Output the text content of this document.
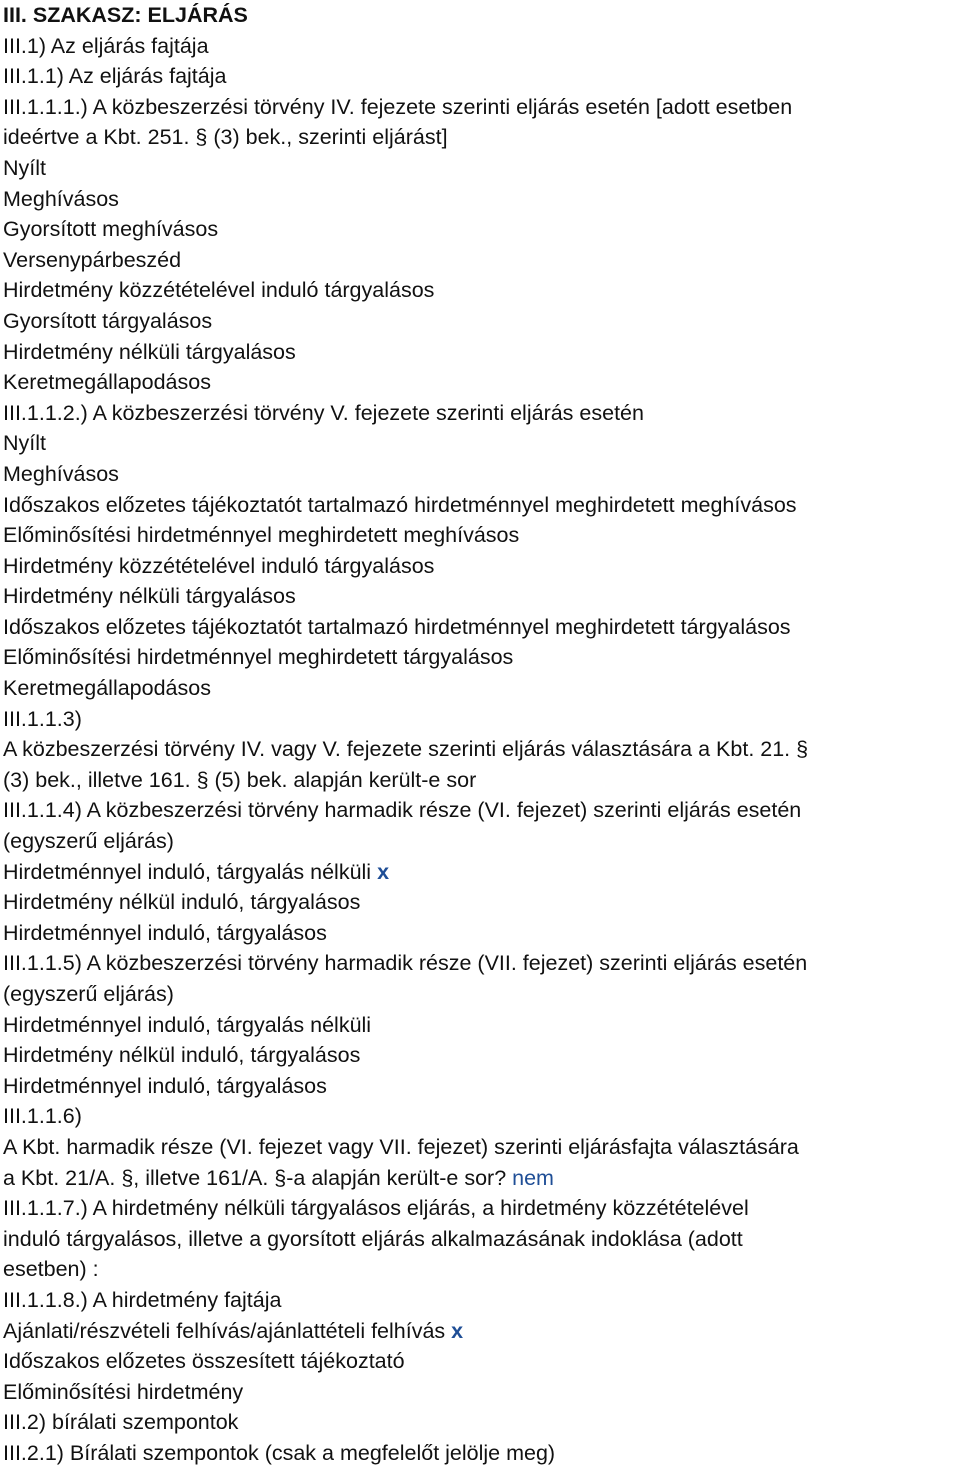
III. SZAKASZ: ELJÁRÁS
III.1) Az eljárás fajtája
III.1.1) Az eljárás fajtája
III.1.1.1.) A közbeszerzési törvény IV. fejezete szerinti eljárás esetén [adott esetben
ideértve a Kbt. 251. § (3) bek., szerinti eljárást]
Nyílt
Meghívásos
Gyorsított meghívásos
Versenypárbeszéd
Hirdetmény közzétételével induló tárgyalásos
Gyorsított tárgyalásos
Hirdetmény nélküli tárgyalásos
Keretmegállapodásos
III.1.1.2.) A közbeszerzési törvény V. fejezete szerinti eljárás esetén
Nyílt
Meghívásos
Időszakos előzetes tájékoztatót tartalmazó hirdetménnyel meghirdetett meghívásos
Előminősítési hirdetménnyel meghirdetett meghívásos
Hirdetmény közzétételével induló tárgyalásos
Hirdetmény nélküli tárgyalásos
Időszakos előzetes tájékoztatót tartalmazó hirdetménnyel meghirdetett tárgyalásos
Előminősítési hirdetménnyel meghirdetett tárgyalásos
Keretmegállapodásos
III.1.1.3)
A közbeszerzési törvény IV. vagy V. fejezete szerinti eljárás választására a Kbt. 21. §
(3) bek., illetve 161. § (5) bek. alapján került-e sor
III.1.1.4) A közbeszerzési törvény harmadik része (VI. fejezet) szerinti eljárás esetén
(egyszerű eljárás)
Hirdetménnyel induló, tárgyalás nélküli x
Hirdetmény nélkül induló, tárgyalásos
Hirdetménnyel induló, tárgyalásos
III.1.1.5) A közbeszerzési törvény harmadik része (VII. fejezet) szerinti eljárás esetén
(egyszerű eljárás)
Hirdetménnyel induló, tárgyalás nélküli
Hirdetmény nélkül induló, tárgyalásos
Hirdetménnyel induló, tárgyalásos
III.1.1.6)
A Kbt. harmadik része (VI. fejezet vagy VII. fejezet) szerinti eljárásfajta választására
a Kbt. 21/A. §, illetve 161/A. §-a alapján került-e sor? nem
III.1.1.7.) A hirdetmény nélküli tárgyalásos eljárás, a hirdetmény közzétételével
induló tárgyalásos, illetve a gyorsított eljárás alkalmazásának indoklása (adott
esetben) :
III.1.1.8.) A hirdetmény fajtája
Ajánlati/részvételi felhívás/ajánlattételi felhívás x
Időszakos előzetes összesített tájékoztató
Előminősítési hirdetmény
III.2) bírálati szempontok
III.2.1) Bírálati szempontok (csak a megfelelőt jelölje meg)
